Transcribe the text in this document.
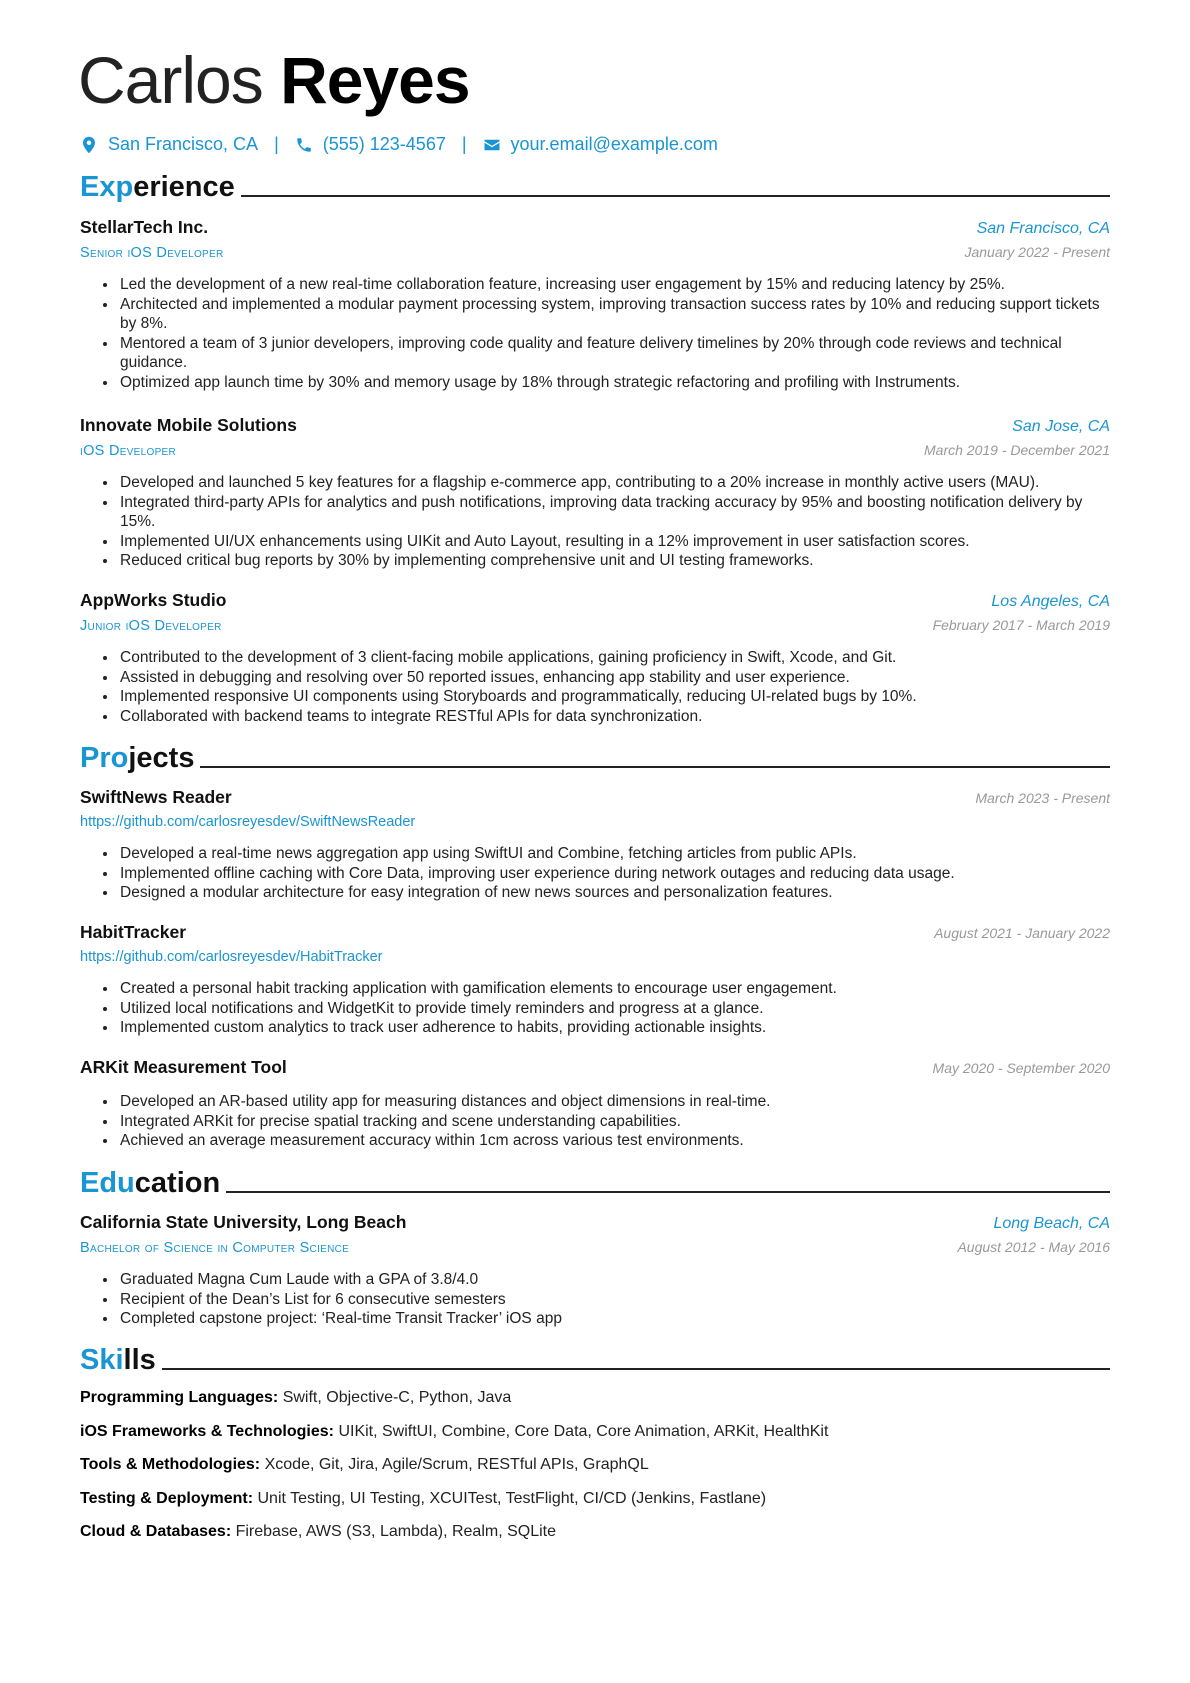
Carlos Reyes
San Francisco, CA | (555) 123-4567 | your.email@example.com
Experience
StellarTech Inc.	San Francisco, CA
Senior iOS Developer	January 2022 - Present
• Led the development of a new real-time collaboration feature, increasing user engagement by 15% and reducing latency by 25%.
• Architected and implemented a modular payment processing system, improving transaction success rates by 10% and reducing support tickets by 8%.
• Mentored a team of 3 junior developers, improving code quality and feature delivery timelines by 20% through code reviews and technical guidance.
• Optimized app launch time by 30% and memory usage by 18% through strategic refactoring and profiling with Instruments.
Innovate Mobile Solutions	San Jose, CA
iOS Developer	March 2019 - December 2021
• Developed and launched 5 key features for a flagship e-commerce app, contributing to a 20% increase in monthly active users (MAU).
• Integrated third-party APIs for analytics and push notifications, improving data tracking accuracy by 95% and boosting notification delivery by 15%.
• Implemented UI/UX enhancements using UIKit and Auto Layout, resulting in a 12% improvement in user satisfaction scores.
• Reduced critical bug reports by 30% by implementing comprehensive unit and UI testing frameworks.
AppWorks Studio	Los Angeles, CA
Junior iOS Developer	February 2017 - March 2019
• Contributed to the development of 3 client-facing mobile applications, gaining proficiency in Swift, Xcode, and Git.
• Assisted in debugging and resolving over 50 reported issues, enhancing app stability and user experience.
• Implemented responsive UI components using Storyboards and programmatically, reducing UI-related bugs by 10%.
• Collaborated with backend teams to integrate RESTful APIs for data synchronization.
Projects
SwiftNews Reader	March 2023 - Present
https://github.com/carlosreyesdev/SwiftNewsReader
• Developed a real-time news aggregation app using SwiftUI and Combine, fetching articles from public APIs.
• Implemented offline caching with Core Data, improving user experience during network outages and reducing data usage.
• Designed a modular architecture for easy integration of new news sources and personalization features.
HabitTracker	August 2021 - January 2022
https://github.com/carlosreyesdev/HabitTracker
• Created a personal habit tracking application with gamification elements to encourage user engagement.
• Utilized local notifications and WidgetKit to provide timely reminders and progress at a glance.
• Implemented custom analytics to track user adherence to habits, providing actionable insights.
ARKit Measurement Tool	May 2020 - September 2020
• Developed an AR-based utility app for measuring distances and object dimensions in real-time.
• Integrated ARKit for precise spatial tracking and scene understanding capabilities.
• Achieved an average measurement accuracy within 1cm across various test environments.
Education
California State University, Long Beach	Long Beach, CA
Bachelor of Science in Computer Science	August 2012 - May 2016
• Graduated Magna Cum Laude with a GPA of 3.8/4.0
• Recipient of the Dean’s List for 6 consecutive semesters
• Completed capstone project: ‘Real-time Transit Tracker’ iOS app
Skills
Programming Languages: Swift, Objective-C, Python, Java
iOS Frameworks & Technologies: UIKit, SwiftUI, Combine, Core Data, Core Animation, ARKit, HealthKit
Tools & Methodologies: Xcode, Git, Jira, Agile/Scrum, RESTful APIs, GraphQL
Testing & Deployment: Unit Testing, UI Testing, XCUITest, TestFlight, CI/CD (Jenkins, Fastlane)
Cloud & Databases: Firebase, AWS (S3, Lambda), Realm, SQLite
